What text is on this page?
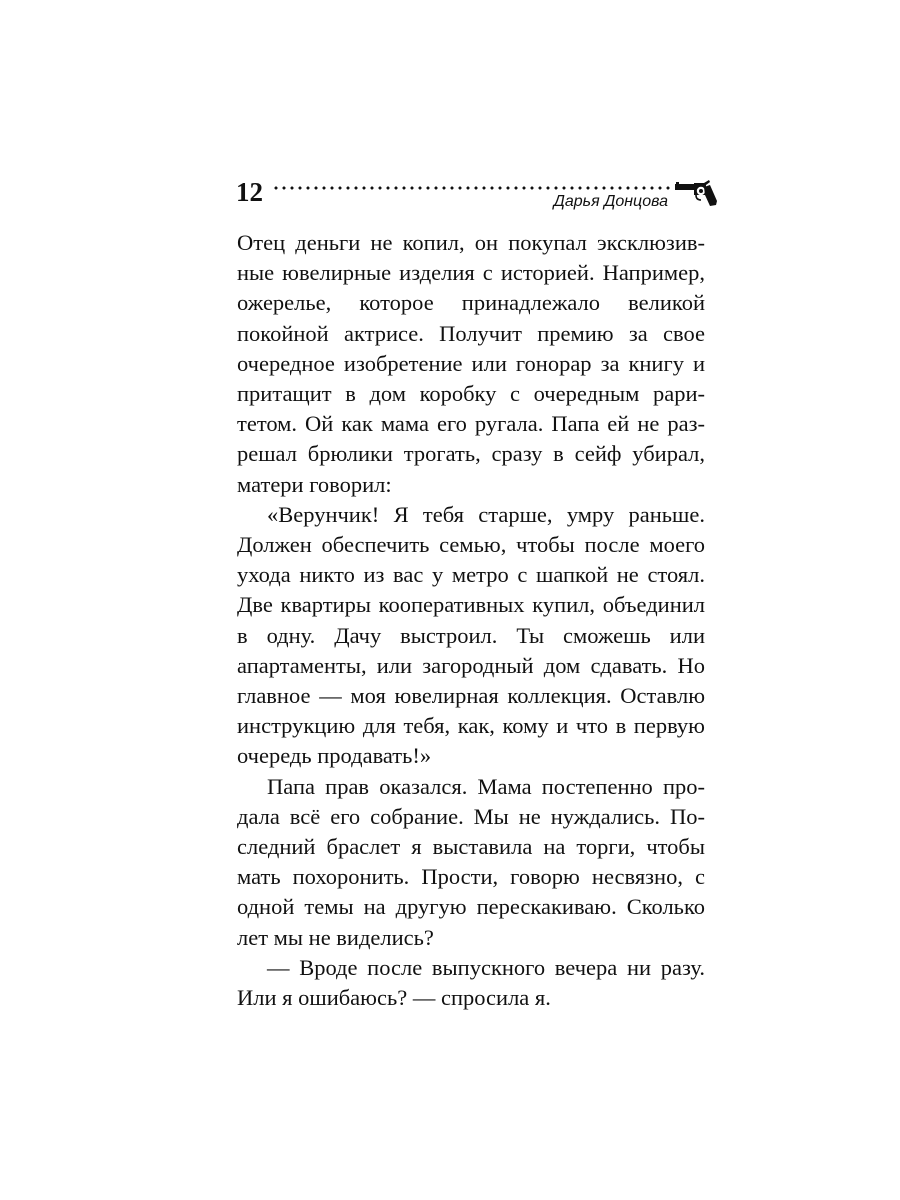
12	Дарья Донцова

Отец деньги не копил, он покупал эксклюзивные ювелирные изделия с историей. Например, ожерелье, которое принадлежало великой покойной актрисе. Получит премию за свое очередное изобретение или гонорар за книгу и притащит в дом коробку с очередным раритетом. Ой как мама его ругала. Папа ей не разрешал брюлики трогать, сразу в сейф убирал, матери говорил:

«Верунчик! Я тебя старше, умру раньше. Должен обеспечить семью, чтобы после моего ухода никто из вас у метро с шапкой не стоял. Две квартиры кооперативных купил, объединил в одну. Дачу выстроил. Ты сможешь или апартаменты, или загородный дом сдавать. Но главное — моя ювелирная коллекция. Оставлю инструкцию для тебя, как, кому и что в первую очередь продавать!»

Папа прав оказался. Мама постепенно продала всё его собрание. Мы не нуждались. Последний браслет я выставила на торги, чтобы мать похоронить. Прости, говорю несвязно, с одной темы на другую перескакиваю. Сколько лет мы не виделись?

— Вроде после выпускного вечера ни разу. Или я ошибаюсь? — спросила я.
